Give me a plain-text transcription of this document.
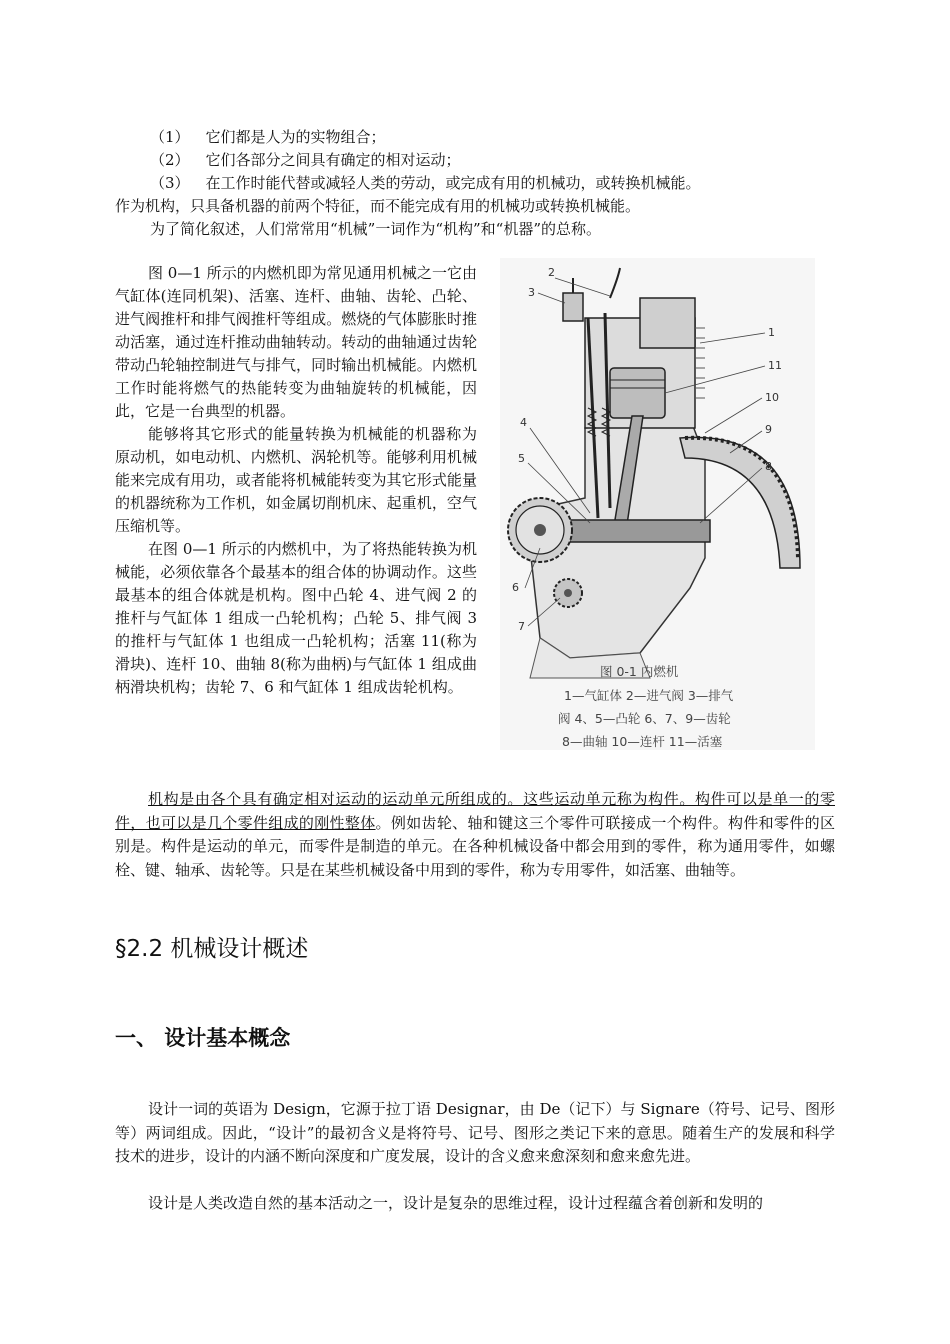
（1） 它们都是人为的实物组合；
（2） 它们各部分之间具有确定的相对运动；
（3） 在工作时能代替或减轻人类的劳动，或完成有用的机械功，或转换机械能。
作为机构，只具备机器的前两个特征，而不能完成有用的机械功或转换机械能。
为了简化叙述，人们常常用“机械”一词作为“机构”和“机器”的总称。

图 0—1 所示的内燃机即为常见通用机械之一它由气缸体(连同机架)、活塞、连杆、曲轴、齿轮、凸轮、进气阀推杆和排气阀推杆等组成。燃烧的气体膨胀时推动活塞，通过连杆推动曲轴转动。转动的曲轴通过齿轮带动凸轮轴控制进气与排气，同时输出机械能。内燃机工作时能将燃气的热能转变为曲轴旋转的机械能，因此，它是一台典型的机器。

能够将其它形式的能量转换为机械能的机器称为原动机，如电动机、内燃机、涡轮机等。能够利用机械能来完成有用功，或者能将机械能转变为其它形式能量的机器统称为工作机，如金属切削机床、起重机，空气压缩机等。

在图 0—1 所示的内燃机中，为了将热能转换为机械能，必须依靠各个最基本的组合体的协调动作。这些最基本的组合体就是机构。图中凸轮 4、进气阀 2 的推杆与气缸体 1 组成一凸轮机构；凸轮 5、排气阀 3 的推杆与气缸体 1 也组成一凸轮机构；活塞 11(称为滑块)、连杆 10、曲轴 8(称为曲柄)与气缸体 1 组成曲柄滑块机构；齿轮 7、6 和气缸体 1 组成齿轮机构。

2
3
1
11
10
9
8
4
5
6
7
图 0-1 内燃机
1—气缸体 2—进气阀 3—排气
阀 4、5—凸轮 6、7、9—齿轮
8—曲轴 10—连杆 11—活塞

机构是由各个具有确定相对运动的运动单元所组成的。这些运动单元称为构件。构件可以是单一的零件，也可以是几个零件组成的刚性整体。例如齿轮、轴和键这三个零件可联接成一个构件。构件和零件的区别是。构件是运动的单元，而零件是制造的单元。在各种机械设备中都会用到的零件，称为通用零件，如螺栓、键、轴承、齿轮等。只是在某些机械设备中用到的零件，称为专用零件，如活塞、曲轴等。

§2.2 机械设计概述
一、 设计基本概念

设计一词的英语为 Design，它源于拉丁语 Designar，由 De（记下）与 Signare（符号、记号、图形等）两词组成。因此，“设计”的最初含义是将符号、记号、图形之类记下来的意思。随着生产的发展和科学技术的进步，设计的内涵不断向深度和广度发展，设计的含义愈来愈深刻和愈来愈先进。

设计是人类改造自然的基本活动之一，设计是复杂的思维过程，设计过程蕴含着创新和发明的
